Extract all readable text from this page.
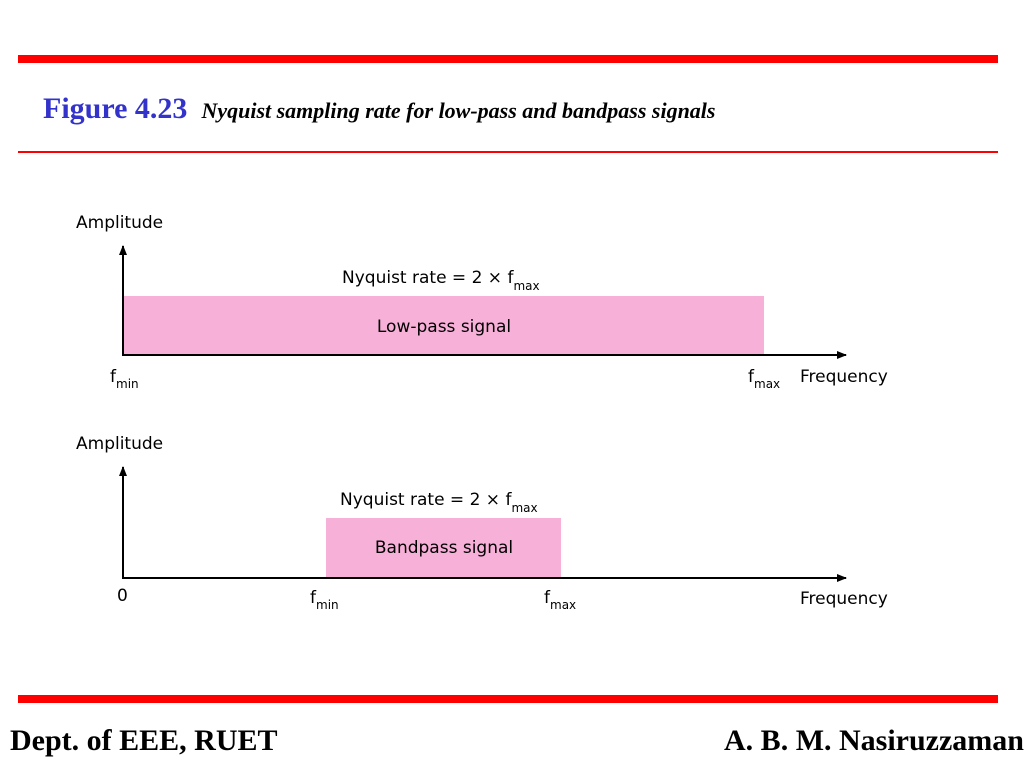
Figure 4.23 Nyquist sampling rate for low-pass and bandpass signals
Amplitude
Nyquist rate = $2 \times f_{max}$
Low-pass signal
$f_{min}$	$f_{max}$ Frequency
Amplitude
Nyquist rate = $2 \times f_{max}$
Bandpass signal
0	$f_{min}$	$f_{max}$	Frequency
Dept. of EEE, RUET	A. B. M. Nasiruzzaman
